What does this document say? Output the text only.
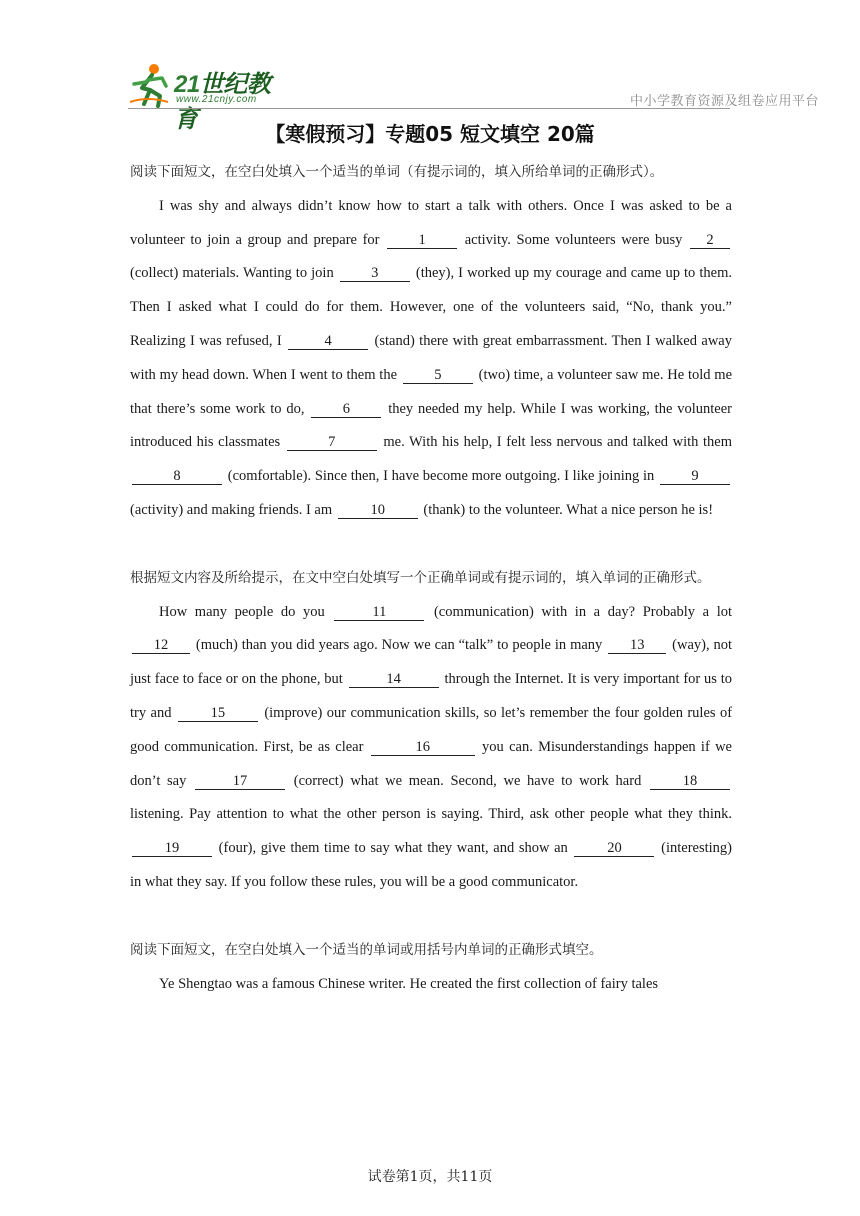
21世纪教育
www.21cnjy.com	中小学教育资源及组卷应用平台
【寒假预习】专题05 短文填空 20篇

阅读下面短文，在空白处填入一个适当的单词（有提示词的，填入所给单词的正确形式）。

I was shy and always didn’t know how to start a talk with others. Once I was asked to be a volunteer to join a group and prepare for	1	activity. Some volunteers were busy 2 (collect) materials. Wanting to join	3	(they), I worked up my courage and came up to them. Then I asked what I could do for them. However, one of the volunteers said, “No, thank you.” Realizing I was refused, I	4	(stand) there with great embarrassment. Then I walked away with my head down. When I went to them the	5	(two) time, a volunteer saw me. He told me that there’s some work to do,	6	they needed my help. While I was working, the volunteer introduced his classmates	7	me. With his help, I felt less nervous and talked with them 8	(comfortable). Since then, I have become more outgoing. I like joining in	9 (activity) and making friends. I am	10	(thank) to the volunteer. What a nice person he is!

根据短文内容及所给提示，在文中空白处填写一个正确单词或有提示词的，填入单词的正确形式。

How many people do you	11	(communication) with in a day? Probably a lot 12 (much) than you did years ago. Now we can “talk” to people in many 13 (way), not just face to face or on the phone, but	14	through the Internet. It is very important for us to try and	15	(improve) our communication skills, so let’s remember the four golden rules of good communication. First, be as clear	16	you can. Misunderstandings happen if we don’t say	17	(correct) what we mean. Second, we have to work hard	18 listening. Pay attention to what the other person is saying. Third, ask other people what they think. 19	(four), give them time to say what they want, and show an	20	(interesting) in what they say. If you follow these rules, you will be a good communicator.

阅读下面短文，在空白处填入一个适当的单词或用括号内单词的正确形式填空。

Ye Shengtao was a famous Chinese writer. He created the first collection of fairy tales

试卷第1页，共11页
